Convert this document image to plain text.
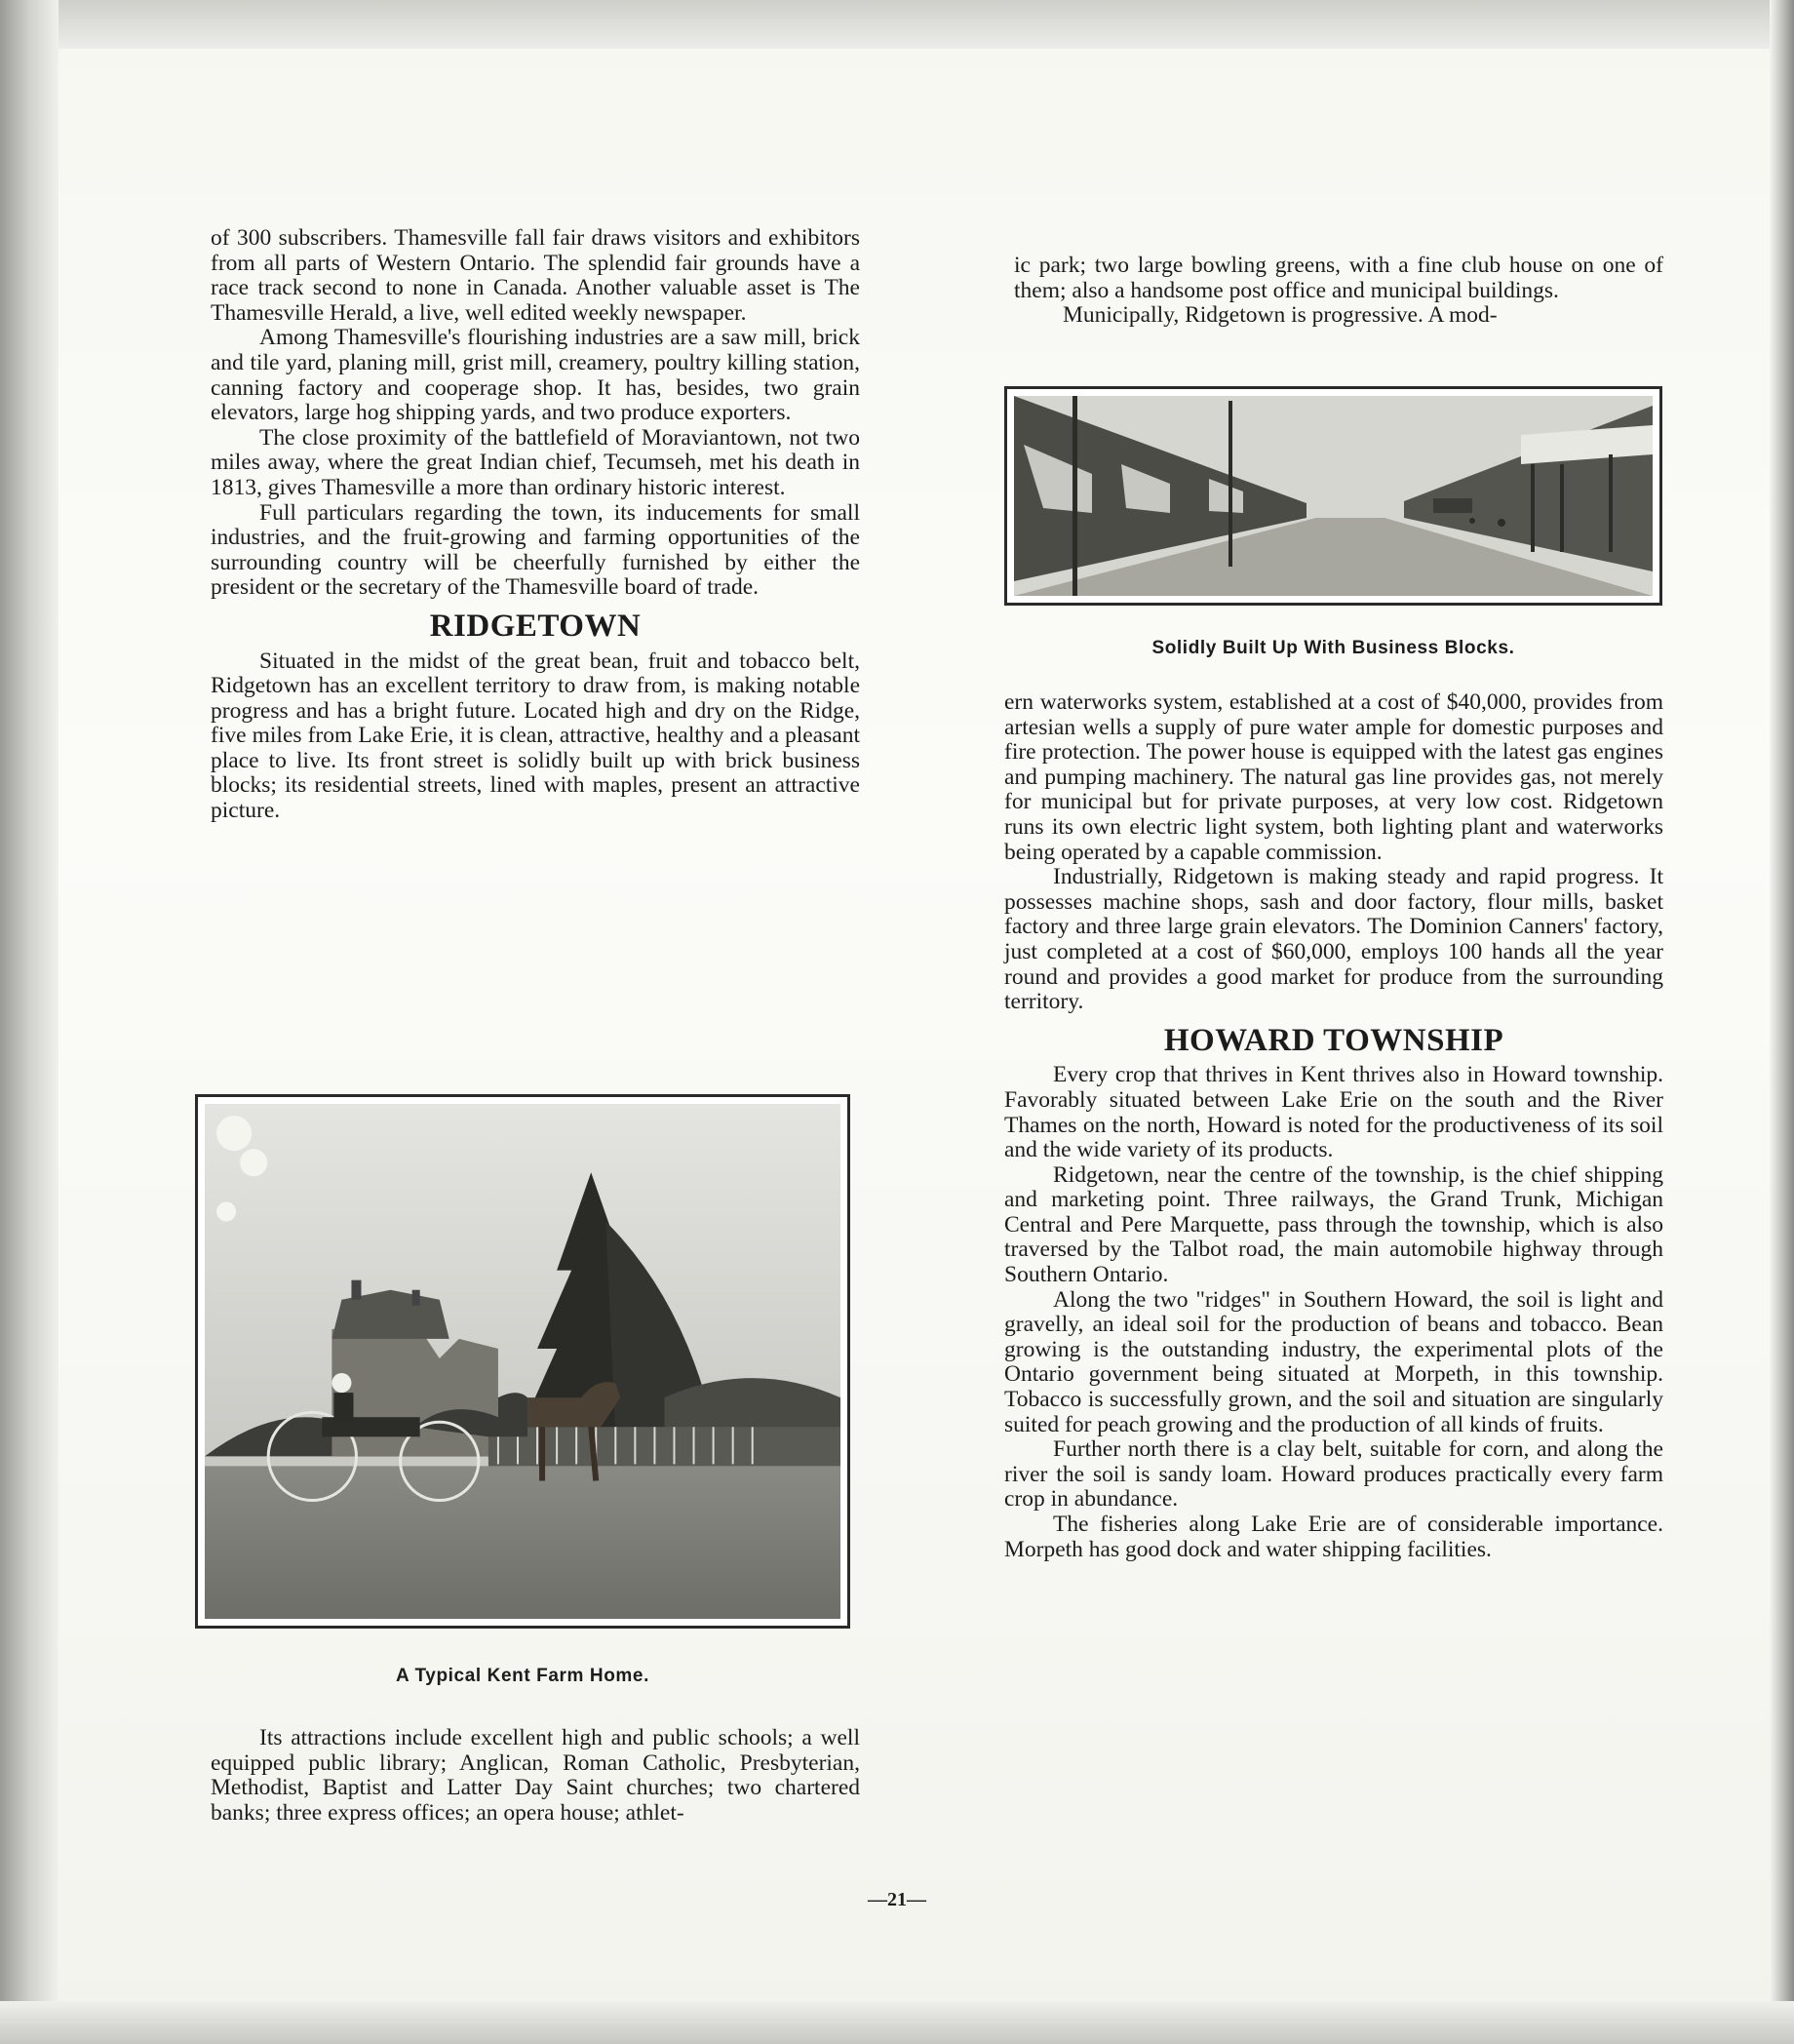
of 300 subscribers. Thamesville fall fair draws visitors and exhibitors from all parts of Western Ontario. The splendid fair grounds have a race track second to none in Canada. Another valuable asset is The Thamesville Herald, a live, well edited weekly newspaper.

Among Thamesville's flourishing industries are a saw mill, brick and tile yard, planing mill, grist mill, creamery, poultry killing station, canning factory and cooperage shop. It has, besides, two grain elevators, large hog shipping yards, and two produce exporters.

The close proximity of the battlefield of Moraviantown, not two miles away, where the great Indian chief, Tecumseh, met his death in 1813, gives Thamesville a more than ordinary historic interest.

Full particulars regarding the town, its inducements for small industries, and the fruit-growing and farming opportunities of the surrounding country will be cheerfully furnished by either the president or the secretary of the Thamesville board of trade.

RIDGETOWN

Situated in the midst of the great bean, fruit and tobacco belt, Ridgetown has an excellent territory to draw from, is making notable progress and has a bright future. Located high and dry on the Ridge, five miles from Lake Erie, it is clean, attractive, healthy and a pleasant place to live. Its front street is solidly built up with brick business blocks; its residential streets, lined with maples, present an attractive picture.

A Typical Kent Farm Home.

Its attractions include excellent high and public schools; a well equipped public library; Anglican, Roman Catholic, Presbyterian, Methodist, Baptist and Latter Day Saint churches; two chartered banks; three express offices; an opera house; athlet-

ic park; two large bowling greens, with a fine club house on one of them; also a handsome post office and municipal buildings.

Municipally, Ridgetown is progressive. A mod-

Solidly Built Up With Business Blocks.

ern waterworks system, established at a cost of $40,000, provides from artesian wells a supply of pure water ample for domestic purposes and fire protection. The power house is equipped with the latest gas engines and pumping machinery. The natural gas line provides gas, not merely for municipal but for private purposes, at very low cost. Ridgetown runs its own electric light system, both lighting plant and waterworks being operated by a capable commission.

Industrially, Ridgetown is making steady and rapid progress. It possesses machine shops, sash and door factory, flour mills, basket factory and three large grain elevators. The Dominion Canners' factory, just completed at a cost of $60,000, employs 100 hands all the year round and provides a good market for produce from the surrounding territory.

HOWARD TOWNSHIP

Every crop that thrives in Kent thrives also in Howard township. Favorably situated between Lake Erie on the south and the River Thames on the north, Howard is noted for the productiveness of its soil and the wide variety of its products.

Ridgetown, near the centre of the township, is the chief shipping and marketing point. Three railways, the Grand Trunk, Michigan Central and Pere Marquette, pass through the township, which is also traversed by the Talbot road, the main automobile highway through Southern Ontario.

Along the two "ridges" in Southern Howard, the soil is light and gravelly, an ideal soil for the production of beans and tobacco. Bean growing is the outstanding industry, the experimental plots of the Ontario government being situated at Morpeth, in this township. Tobacco is successfully grown, and the soil and situation are singularly suited for peach growing and the production of all kinds of fruits.

Further north there is a clay belt, suitable for corn, and along the river the soil is sandy loam. Howard produces practically every farm crop in abundance.

The fisheries along Lake Erie are of considerable importance. Morpeth has good dock and water shipping facilities.

—21—
